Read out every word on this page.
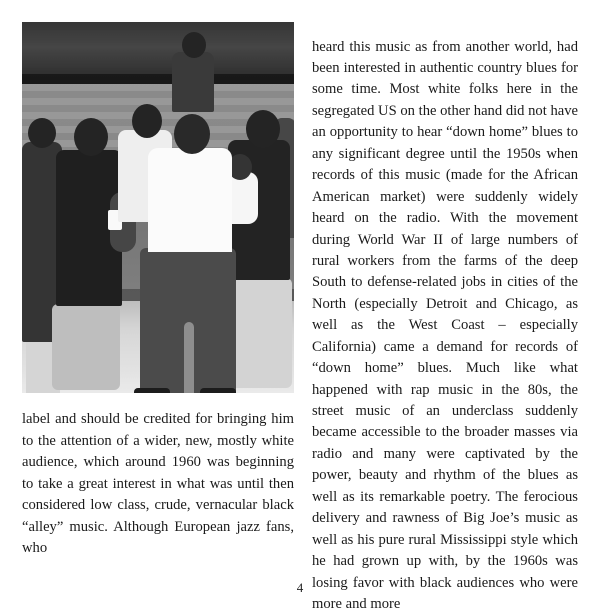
label and should be credited for bringing him to the attention of a wider, new, mostly white audience, which around 1960 was beginning to take a great interest in what was until then considered low class, crude, vernacular black “alley” music. Although European jazz fans, who

heard this music as from another world, had been interested in authentic country blues for some time. Most white folks here in the segregated US on the other hand did not have an opportunity to hear “down home” blues to any significant degree until the 1950s when records of this music (made for the African American market) were suddenly widely heard on the radio. With the movement during World War II of large numbers of rural workers from the farms of the deep South to defense-related jobs in cities of the North (especially Detroit and Chicago, as well as the West Coast – especially California) came a demand for records of “down home” blues. Much like what happened with rap music in the 80s, the street music of an underclass suddenly became accessible to the broader masses via radio and many were captivated by the power, beauty and rhythm of the blues as well as its remarkable poetry. The ferocious delivery and rawness of Big Joe’s music as well as his pure rural Mississippi style which he had grown up with, by the 1960s was losing favor with black audiences who were more and more

4
